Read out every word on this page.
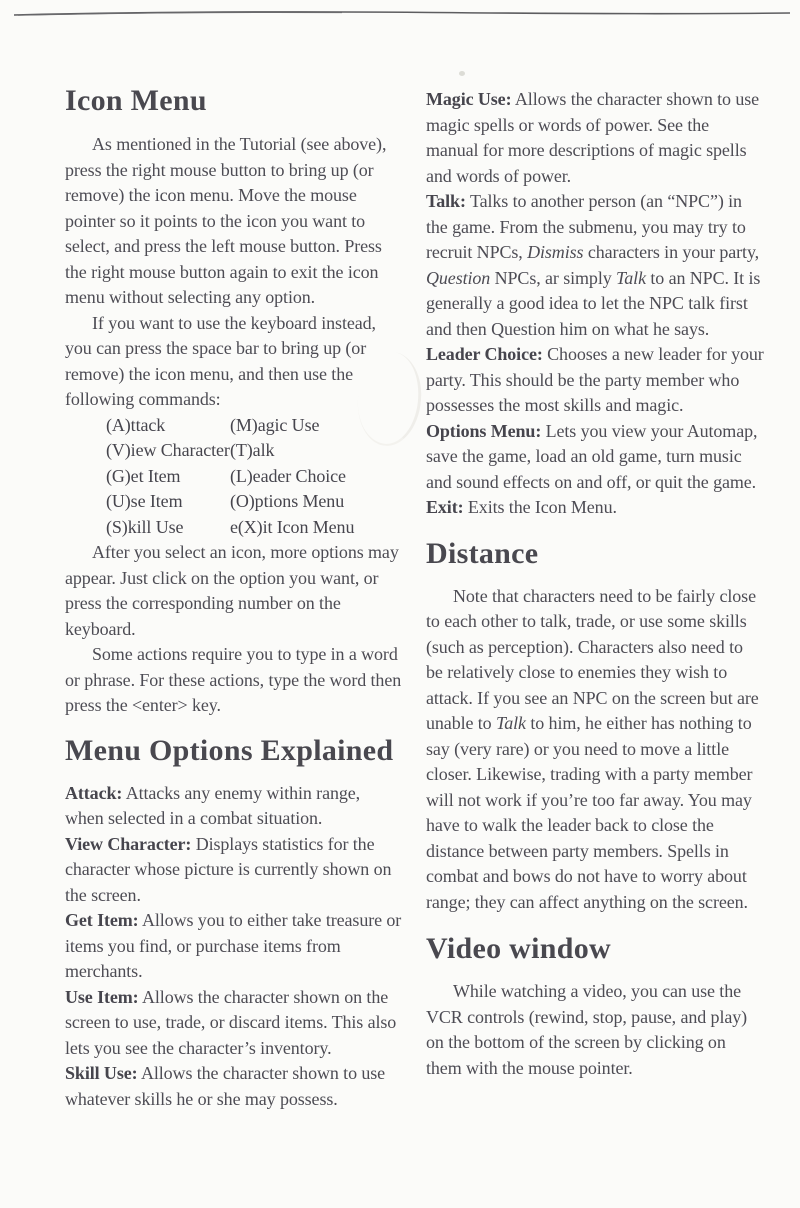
Icon Menu

As mentioned in the Tutorial (see above), press the right mouse button to bring up (or remove) the icon menu. Move the mouse pointer so it points to the icon you want to select, and press the left mouse button. Press the right mouse button again to exit the icon menu without selecting any option.

If you want to use the keyboard instead, you can press the space bar to bring up (or remove) the icon menu, and then use the following commands:

(A)ttack	(M)agic Use
(V)iew Character (T)alk
(G)et Item	(L)eader Choice
(U)se Item	(O)ptions Menu
(S)kill Use	e(X)it Icon Menu

After you select an icon, more options may appear. Just click on the option you want, or press the corresponding number on the keyboard.

Some actions require you to type in a word or phrase. For these actions, type the word then press the <enter> key.

Menu Options Explained

Attack: Attacks any enemy within range, when selected in a combat situation.

View Character: Displays statistics for the character whose picture is currently shown on the screen.

Get Item: Allows you to either take treasure or items you find, or purchase items from merchants.

Use Item: Allows the character shown on the screen to use, trade, or discard items. This also lets you see the character’s inventory.

Skill Use: Allows the character shown to use whatever skills he or she may possess.

Magic Use: Allows the character shown to use magic spells or words of power. See the manual for more descriptions of magic spells and words of power.

Talk: Talks to another person (an “NPC”) in the game. From the submenu, you may try to recruit NPCs, Dismiss characters in your party, Question NPCs, ar simply Talk to an NPC. It is generally a good idea to let the NPC talk first and then Question him on what he says.

Leader Choice: Chooses a new leader for your party. This should be the party member who possesses the most skills and magic.

Options Menu: Lets you view your Automap, save the game, load an old game, turn music and sound effects on and off, or quit the game.

Exit: Exits the Icon Menu.

Distance

Note that characters need to be fairly close to each other to talk, trade, or use some skills (such as perception). Characters also need to be relatively close to enemies they wish to attack. If you see an NPC on the screen but are unable to Talk to him, he either has nothing to say (very rare) or you need to move a little closer. Likewise, trading with a party member will not work if you’re too far away. You may have to walk the leader back to close the distance between party members. Spells in combat and bows do not have to worry about range; they can affect anything on the screen.

Video window

While watching a video, you can use the VCR controls (rewind, stop, pause, and play) on the bottom of the screen by clicking on them with the mouse pointer.
